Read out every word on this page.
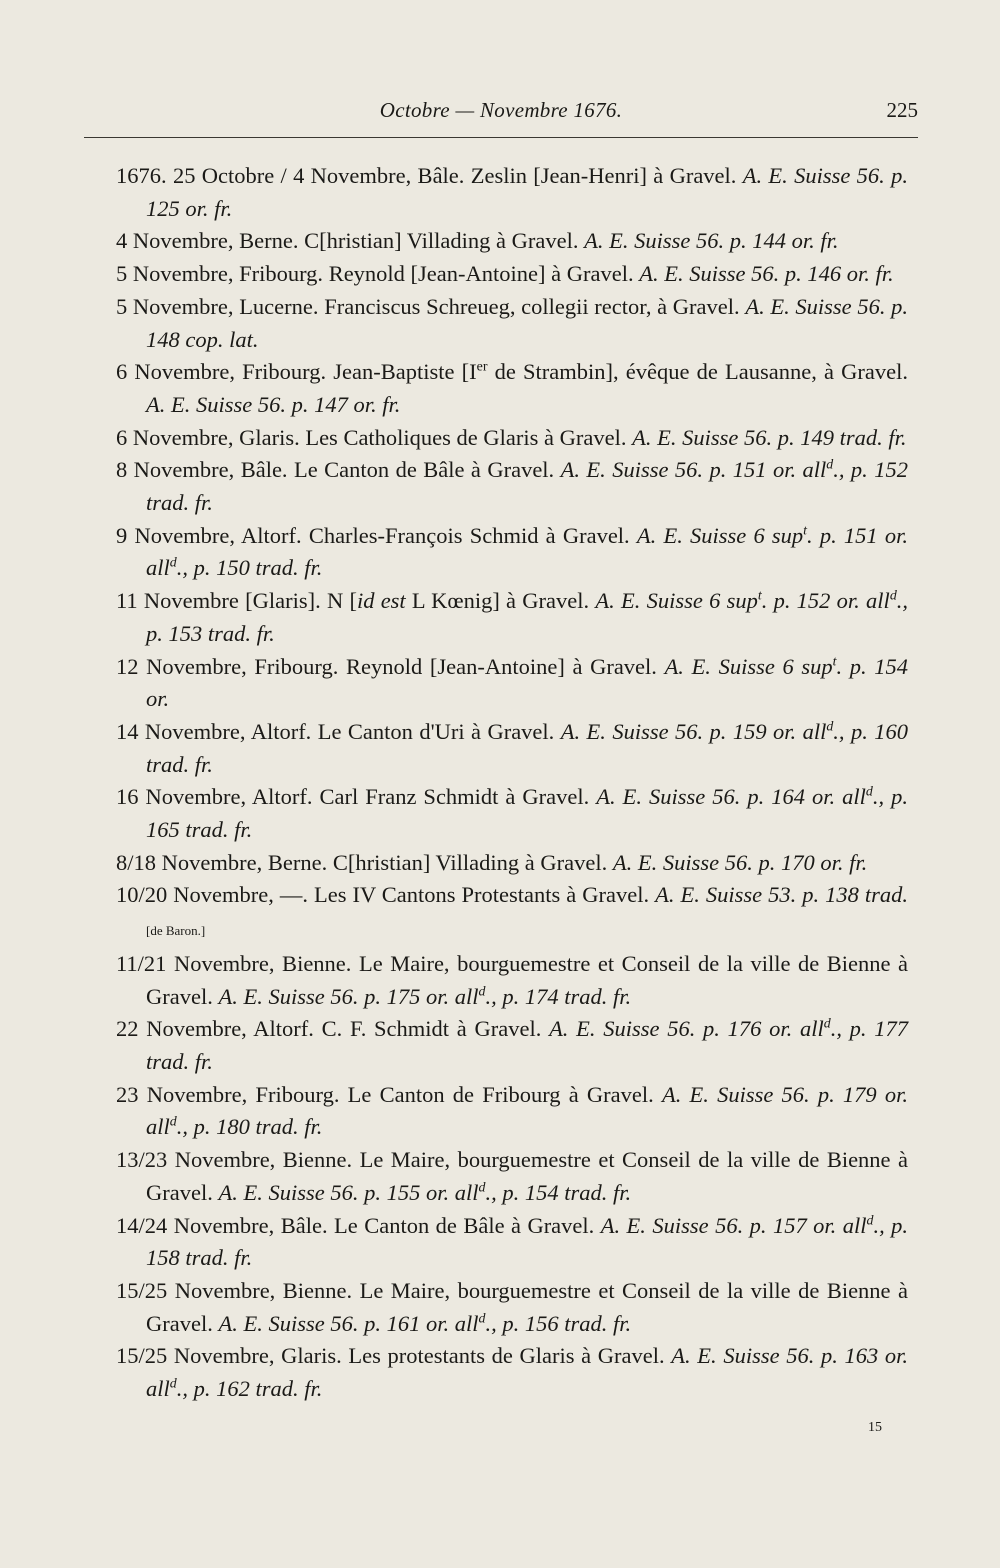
Octobre — Novembre 1676.	225
1676. 25 Octobre / 4 Novembre, Bâle. Zeslin [Jean-Henri] à Gravel. A. E. Suisse 56. p. 125 or. fr.
4 Novembre, Berne. C[hristian] Villading à Gravel. A. E. Suisse 56. p. 144 or. fr.
5 Novembre, Fribourg. Reynold [Jean-Antoine] à Gravel. A. E. Suisse 56. p. 146 or. fr.
5 Novembre, Lucerne. Franciscus Schreueg, collegii rector, à Gravel. A. E. Suisse 56. p. 148 cop. lat.
6 Novembre, Fribourg. Jean-Baptiste [Ier de Strambin], évêque de Lausanne, à Gravel. A. E. Suisse 56. p. 147 or. fr.
6 Novembre, Glaris. Les Catholiques de Glaris à Gravel. A. E. Suisse 56. p. 149 trad. fr.
8 Novembre, Bâle. Le Canton de Bâle à Gravel. A. E. Suisse 56. p. 151 or. all$^d$., p. 152 trad. fr.
9 Novembre, Altorf. Charles-François Schmid à Gravel. A. E. Suisse 6 sup$^t$. p. 151 or. all$^d$., p. 150 trad. fr.
11 Novembre [Glaris]. N [id est L Kœnig] à Gravel. A. E. Suisse 6 sup$^t$. p. 152 or. all$^d$., p. 153 trad. fr.
12 Novembre, Fribourg. Reynold [Jean-Antoine] à Gravel. A. E. Suisse 6 sup$^t$. p. 154 or.
14 Novembre, Altorf. Le Canton d'Uri à Gravel. A. E. Suisse 56. p. 159 or. all$^d$., p. 160 trad. fr.
16 Novembre, Altorf. Carl Franz Schmidt à Gravel. A. E. Suisse 56. p. 164 or. all$^d$., p. 165 trad. fr.
8/18 Novembre, Berne. C[hristian] Villading à Gravel. A. E. Suisse 56. p. 170 or. fr.
10/20 Novembre, —. Les IV Cantons Protestants à Gravel. A. E. Suisse 53. p. 138 trad. [de Baron.]
11/21 Novembre, Bienne. Le Maire, bourguemestre et Conseil de la ville de Bienne à Gravel. A. E. Suisse 56. p. 175 or. all$^d$., p. 174 trad. fr.
22 Novembre, Altorf. C. F. Schmidt à Gravel. A. E. Suisse 56. p. 176 or. all$^d$., p. 177 trad. fr.
23 Novembre, Fribourg. Le Canton de Fribourg à Gravel. A. E. Suisse 56. p. 179 or. all$^d$., p. 180 trad. fr.
13/23 Novembre, Bienne. Le Maire, bourguemestre et Conseil de la ville de Bienne à Gravel. A. E. Suisse 56. p. 155 or. all$^d$., p. 154 trad. fr.
14/24 Novembre, Bâle. Le Canton de Bâle à Gravel. A. E. Suisse 56. p. 157 or. all$^d$., p. 158 trad. fr.
15/25 Novembre, Bienne. Le Maire, bourguemestre et Conseil de la ville de Bienne à Gravel. A. E. Suisse 56. p. 161 or. all$^d$., p. 156 trad. fr.
15/25 Novembre, Glaris. Les protestants de Glaris à Gravel. A. E. Suisse 56. p. 163 or. all$^d$., p. 162 trad. fr.
15
